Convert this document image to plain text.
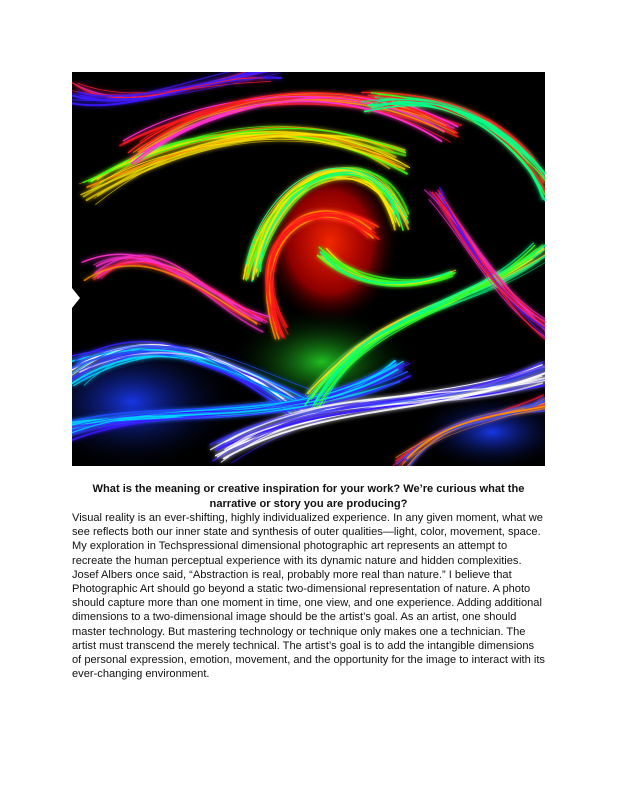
What is the meaning or creative inspiration for your work? We’re curious what the narrative or story you are producing?

Visual reality is an ever-shifting, highly individualized experience. In any given moment, what we see reflects both our inner state and synthesis of outer qualities—light, color, movement, space. My exploration in Techspressional dimensional photographic art represents an attempt to recreate the human perceptual experience with its dynamic nature and hidden complexities.

Josef Albers once said, “Abstraction is real, probably more real than nature.” I believe that Photographic Art should go beyond a static two-dimensional representation of nature. A photo should capture more than one moment in time, one view, and one experience. Adding additional dimensions to a two-dimensional image should be the artist’s goal. As an artist, one should master technology. But mastering technology or technique only makes one a technician. The artist must transcend the merely technical. The artist’s goal is to add the intangible dimensions of personal expression, emotion, movement, and the opportunity for the image to interact with its ever-changing environment.
